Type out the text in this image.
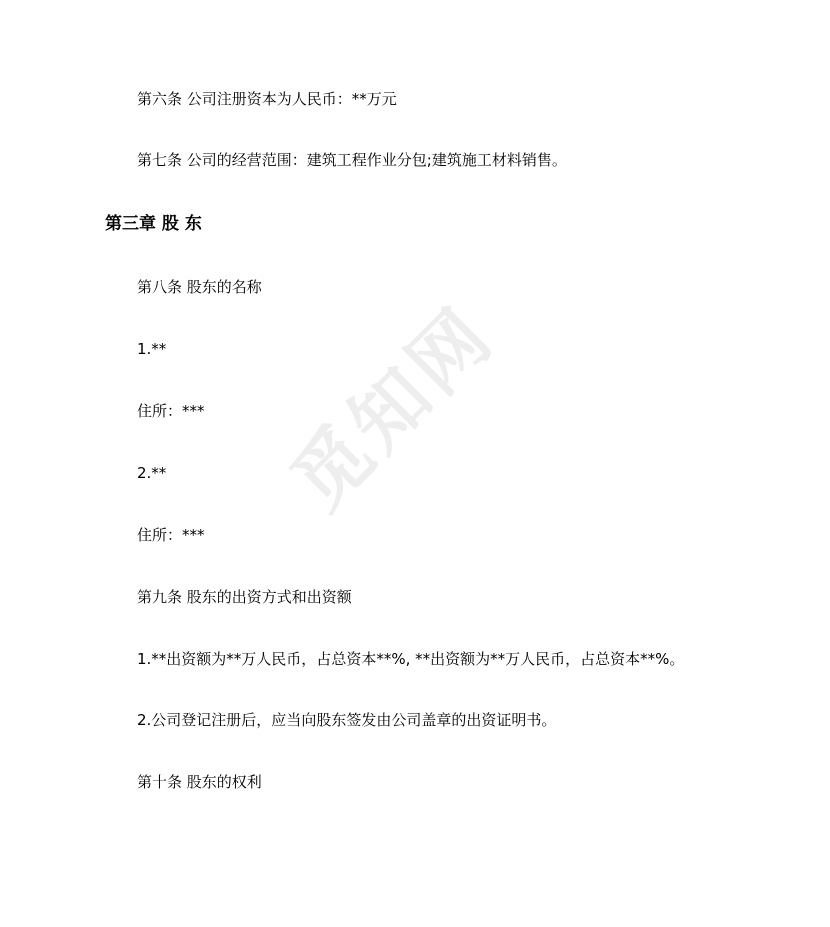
觅知网
第六条 公司注册资本为人民币：**万元
第七条 公司的经营范围：建筑工程作业分包;建筑施工材料销售。
第三章 股 东
第八条 股东的名称
1.**
住所：***
2.**
住所：***
第九条 股东的出资方式和出资额
1.**出资额为**万人民币，占总资本**%, **出资额为**万人民币，占总资本**%。
2.公司登记注册后，应当向股东签发由公司盖章的出资证明书。
第十条 股东的权利
